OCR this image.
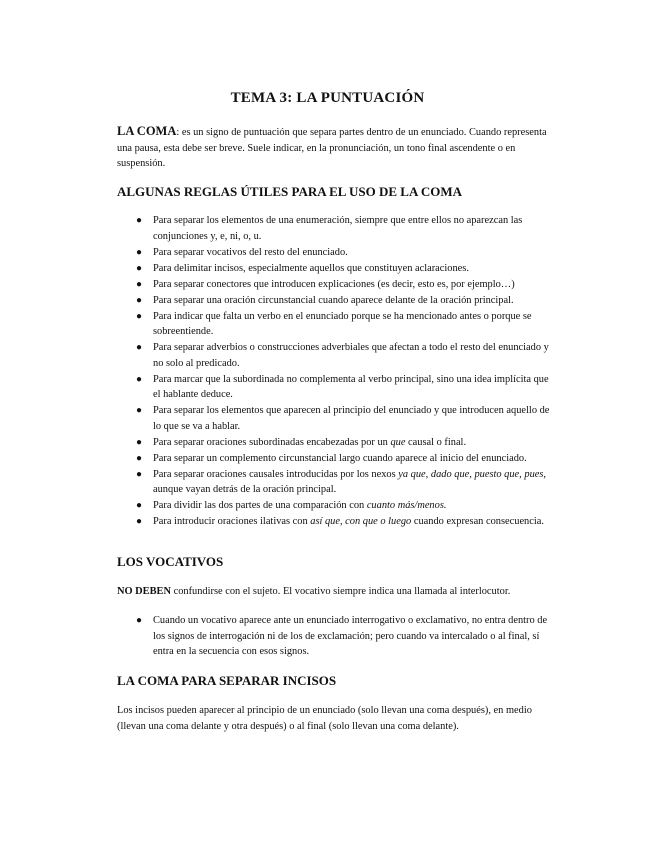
TEMA 3: LA PUNTUACIÓN
LA COMA: es un signo de puntuación que separa partes dentro de un enunciado. Cuando representa una pausa, esta debe ser breve. Suele indicar, en la pronunciación, un tono final ascendente o en suspensión.
ALGUNAS REGLAS ÚTILES PARA EL USO DE LA COMA
● Para separar los elementos de una enumeración, siempre que entre ellos no aparezcan las conjunciones y, e, ni, o, u.
● Para separar vocativos del resto del enunciado.
● Para delimitar incisos, especialmente aquellos que constituyen aclaraciones.
● Para separar conectores que introducen explicaciones (es decir, esto es, por ejemplo…)
● Para separar una oración circunstancial cuando aparece delante de la oración principal.
● Para indicar que falta un verbo en el enunciado porque se ha mencionado antes o porque se sobreentiende.
● Para separar adverbios o construcciones adverbiales que afectan a todo el resto del enunciado y no solo al predicado.
● Para marcar que la subordinada no complementa al verbo principal, sino una idea implícita que el hablante deduce.
● Para separar los elementos que aparecen al principio del enunciado y que introducen aquello de lo que se va a hablar.
● Para separar oraciones subordinadas encabezadas por un que causal o final.
● Para separar un complemento circunstancial largo cuando aparece al inicio del enunciado.
● Para separar oraciones causales introducidas por los nexos ya que, dado que, puesto que, pues, aunque vayan detrás de la oración principal.
● Para dividir las dos partes de una comparación con cuanto más/menos.
● Para introducir oraciones ilativas con así que, con que o luego cuando expresan consecuencia.
LOS VOCATIVOS
NO DEBEN confundirse con el sujeto. El vocativo siempre indica una llamada al interlocutor.
● Cuando un vocativo aparece ante un enunciado interrogativo o exclamativo, no entra dentro de los signos de interrogación ni de los de exclamación; pero cuando va intercalado o al final, sí entra en la secuencia con esos signos.
LA COMA PARA SEPARAR INCISOS
Los incisos pueden aparecer al principio de un enunciado (solo llevan una coma después), en medio (llevan una coma delante y otra después) o al final (solo llevan una coma delante).
